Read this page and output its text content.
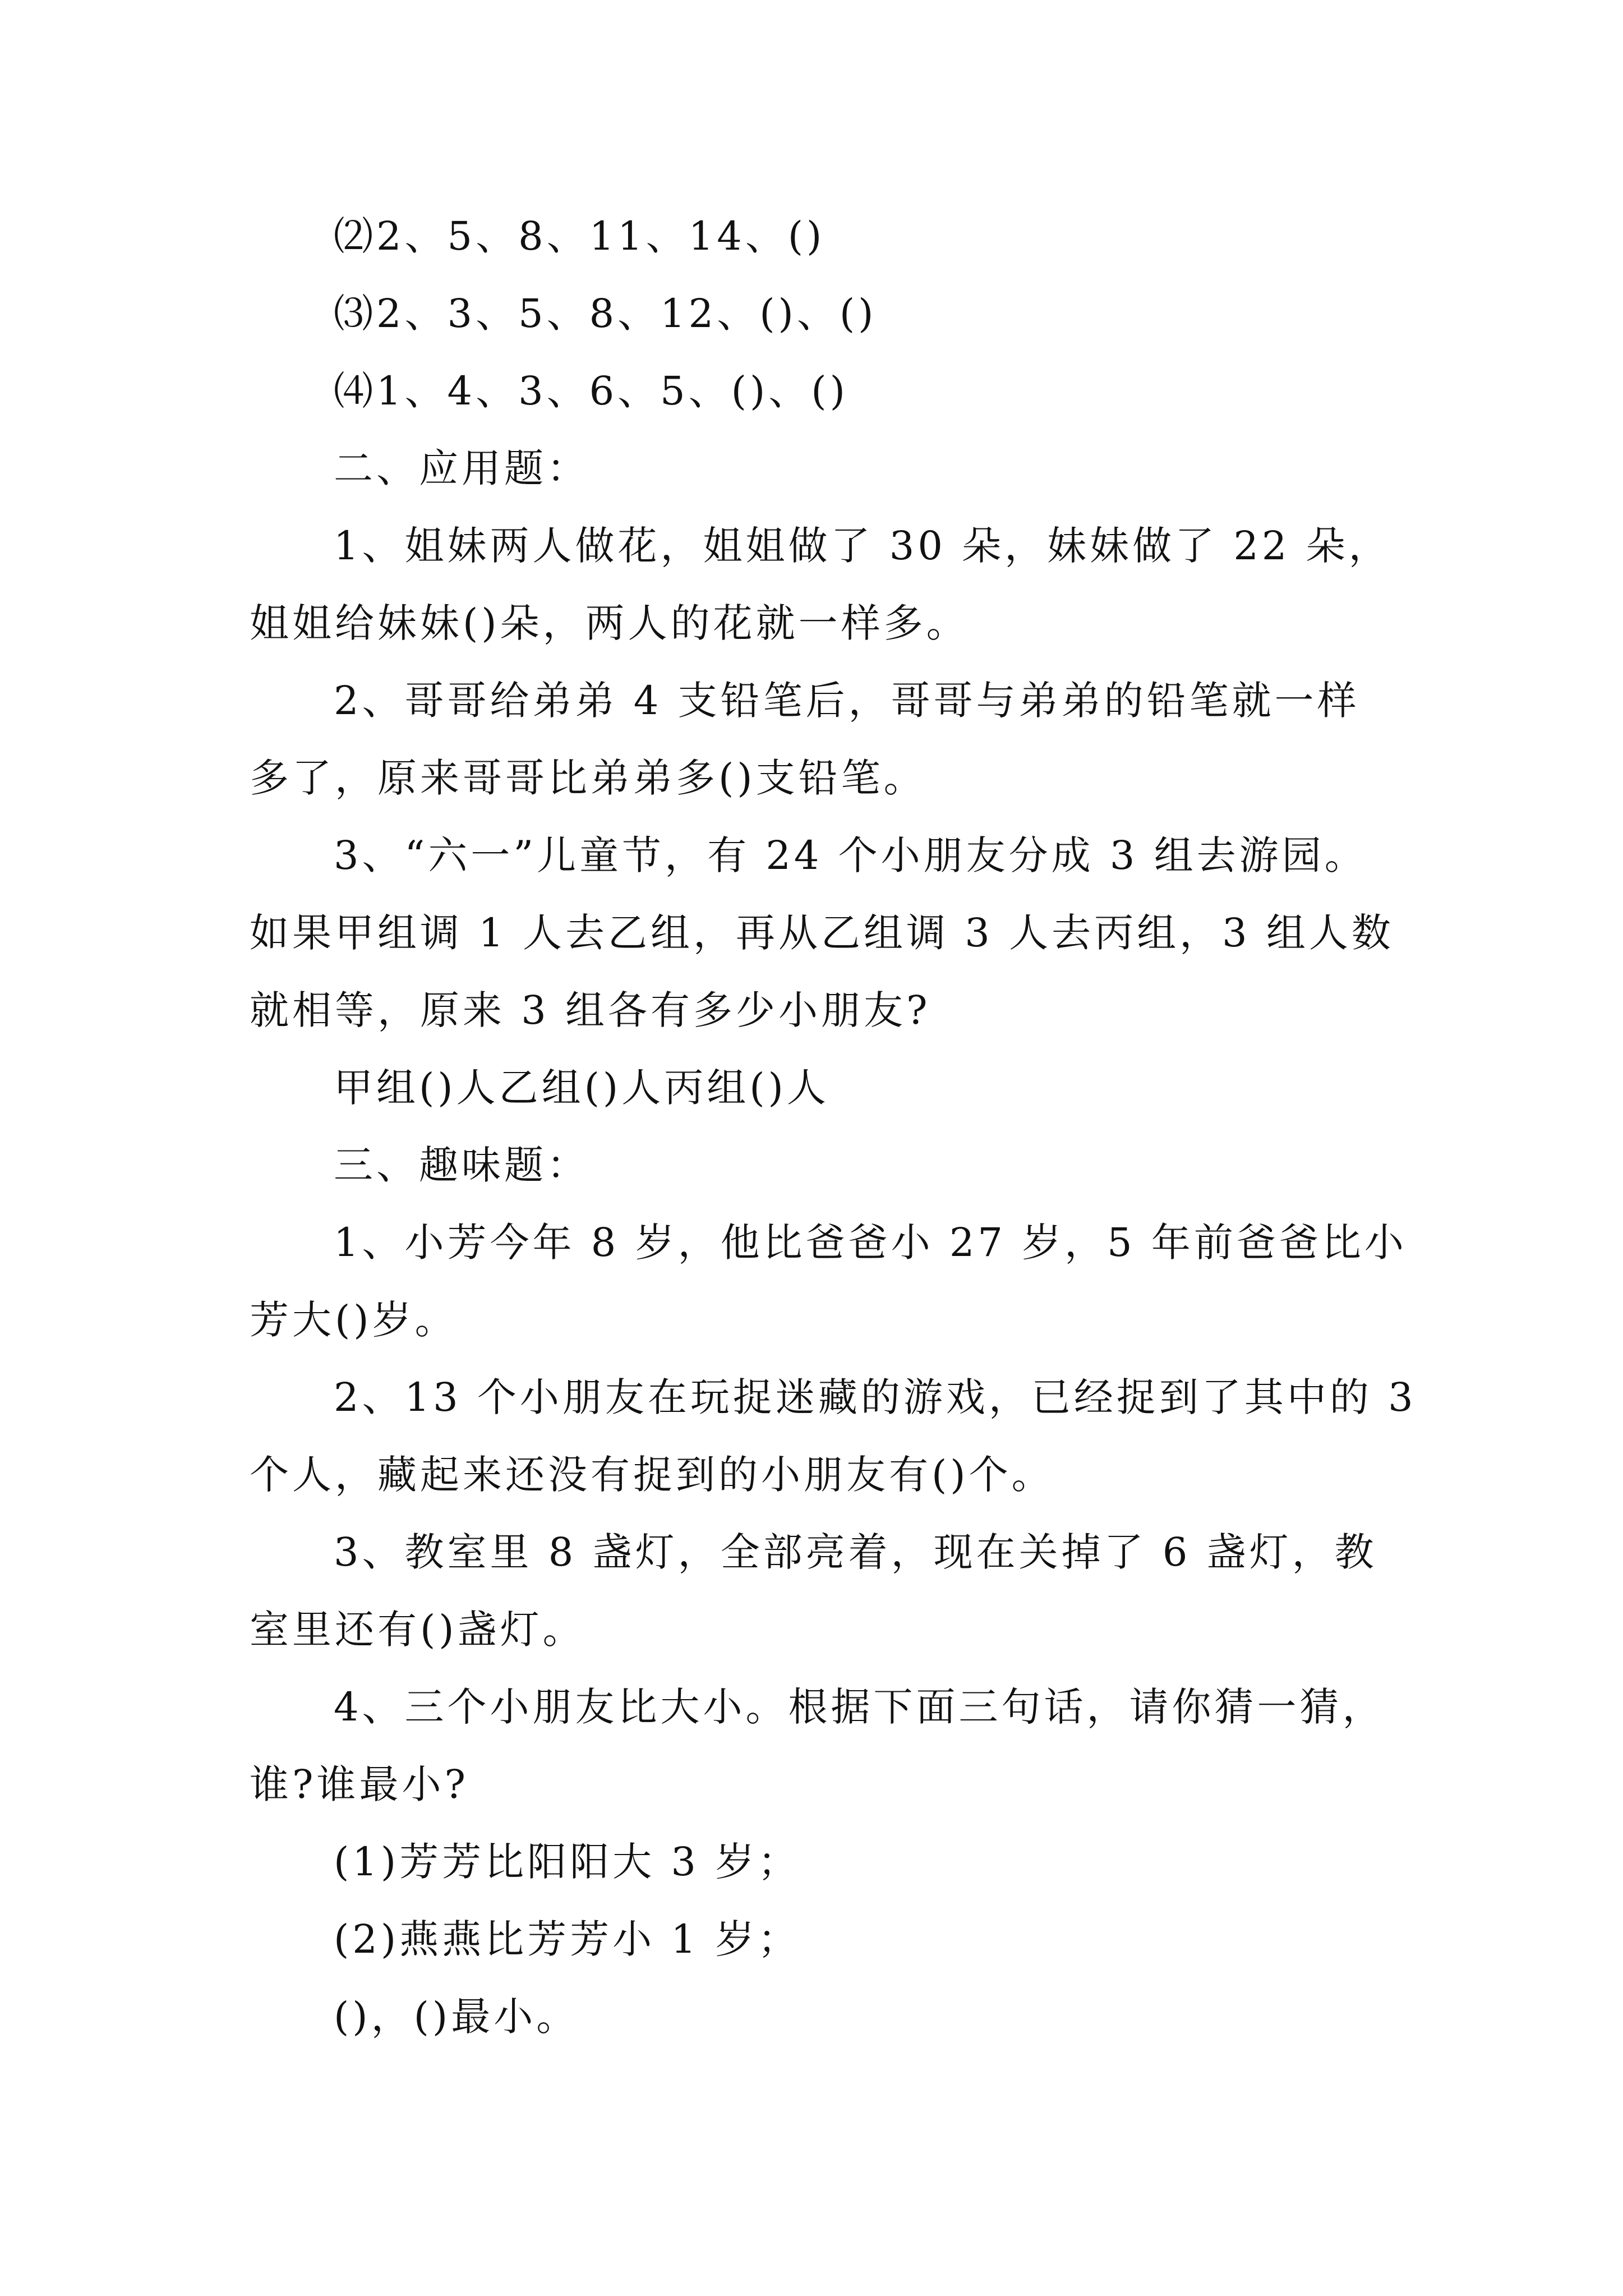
⑵2、5、8、11、14、()
⑶2、3、5、8、12、()、()
⑷1、4、3、6、5、()、()
二、应用题：
1、姐妹两人做花，姐姐做了 30 朵，妹妹做了 22 朵，
姐姐给妹妹()朵，两人的花就一样多。
2、哥哥给弟弟 4 支铅笔后，哥哥与弟弟的铅笔就一样
多了，原来哥哥比弟弟多()支铅笔。
3、“六一”儿童节，有 24 个小朋友分成 3 组去游园。
如果甲组调 1 人去乙组，再从乙组调 3 人去丙组，3 组人数
就相等，原来 3 组各有多少小朋友?
甲组()人乙组()人丙组()人
三、趣味题：
1、小芳今年 8 岁，他比爸爸小 27 岁，5 年前爸爸比小
芳大()岁。
2、13 个小朋友在玩捉迷藏的游戏，已经捉到了其中的 3
个人，藏起来还没有捉到的小朋友有()个。
3、教室里 8 盏灯，全部亮着，现在关掉了 6 盏灯，教
室里还有()盏灯。
4、三个小朋友比大小。根据下面三句话，请你猜一猜，
谁?谁最小?
(1)芳芳比阳阳大 3 岁；
(2)燕燕比芳芳小 1 岁；
()，()最小。
